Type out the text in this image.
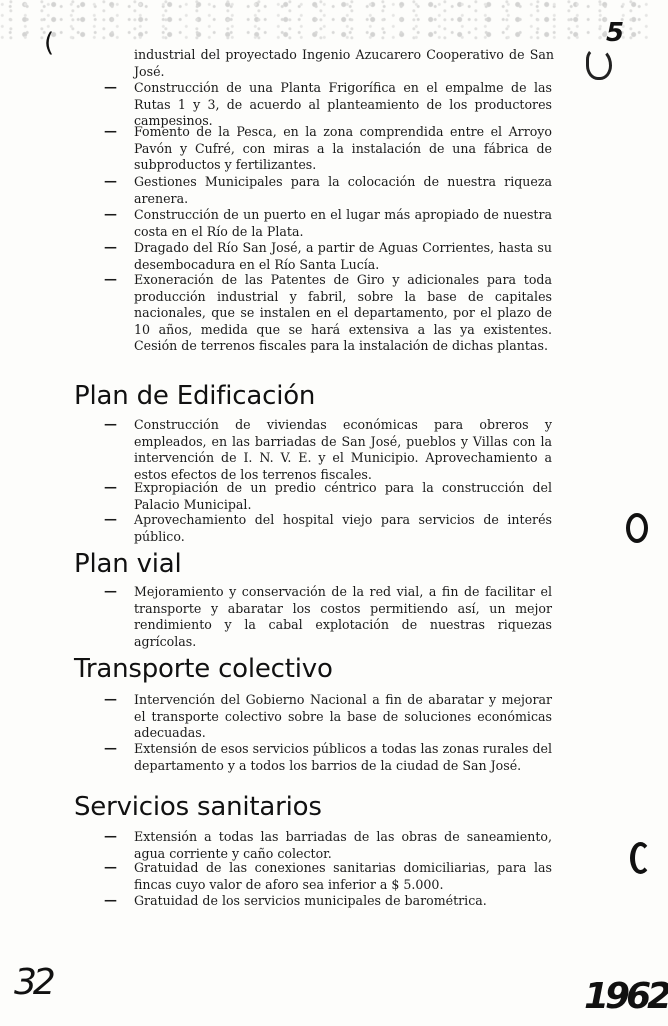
(	industrial del proyectado Ingenio Azucarero Cooperativo de San José.

— Construcción de una Planta Frigorífica en el empalme de las Rutas 1 y 3, de acuerdo al planteamiento de los productores campesinos.

— Fomento de la Pesca, en la zona comprendida entre el Arroyo Pavón y Cufré, con miras a la instalación de una fábrica de subproductos y fertilizantes.

— Gestiones Municipales para la colocación de nuestra riqueza arenera.

— Construcción de un puerto en el lugar más apropiado de nuestra costa en el Río de la Plata.

— Dragado del Río San José, a partir de Aguas Corrientes, hasta su desembocadura en el Río Santa Lucía.

— Exoneración de las Patentes de Giro y adicionales para toda producción industrial y fabril, sobre la base de capitales nacionales, que se instalen en el departamento, por el plazo de 10 años, medida que se hará extensiva a las ya existentes. Cesión de terrenos fiscales para la instalación de dichas plantas.

Plan de Edificación
— Construcción de viviendas económicas para obreros y empleados, en las barriadas de San José, pueblos y Villas con la intervención de I. N. V. E. y el Municipio. Aprovechamiento a estos efectos de los terrenos fiscales.

— Expropiación de un predio céntrico para la construcción del Palacio Municipal.

— Aprovechamiento del hospital viejo para servicios de interés público.

Plan vial
— Mejoramiento y conservación de la red vial, a fin de facilitar el transporte y abaratar los costos permitiendo así, un mejor rendimiento y la cabal explotación de nuestras riquezas agrícolas.

Transporte colectivo
— Intervención del Gobierno Nacional a fin de abaratar y mejorar el transporte colectivo sobre la base de soluciones económicas adecuadas.

— Extensión de esos servicios públicos a todas las zonas rurales del departamento y a todos los barrios de la ciudad de San José.

Servicios sanitarios
— Extensión a todas las barriadas de las obras de saneamiento, agua corriente y caño colector.

— Gratuidad de las conexiones sanitarias domiciliarias, para las fincas cuyo valor de aforo sea inferior a $ 5.000.

— Gratuidad de los servicios municipales de barométrica.

5
32	1962
